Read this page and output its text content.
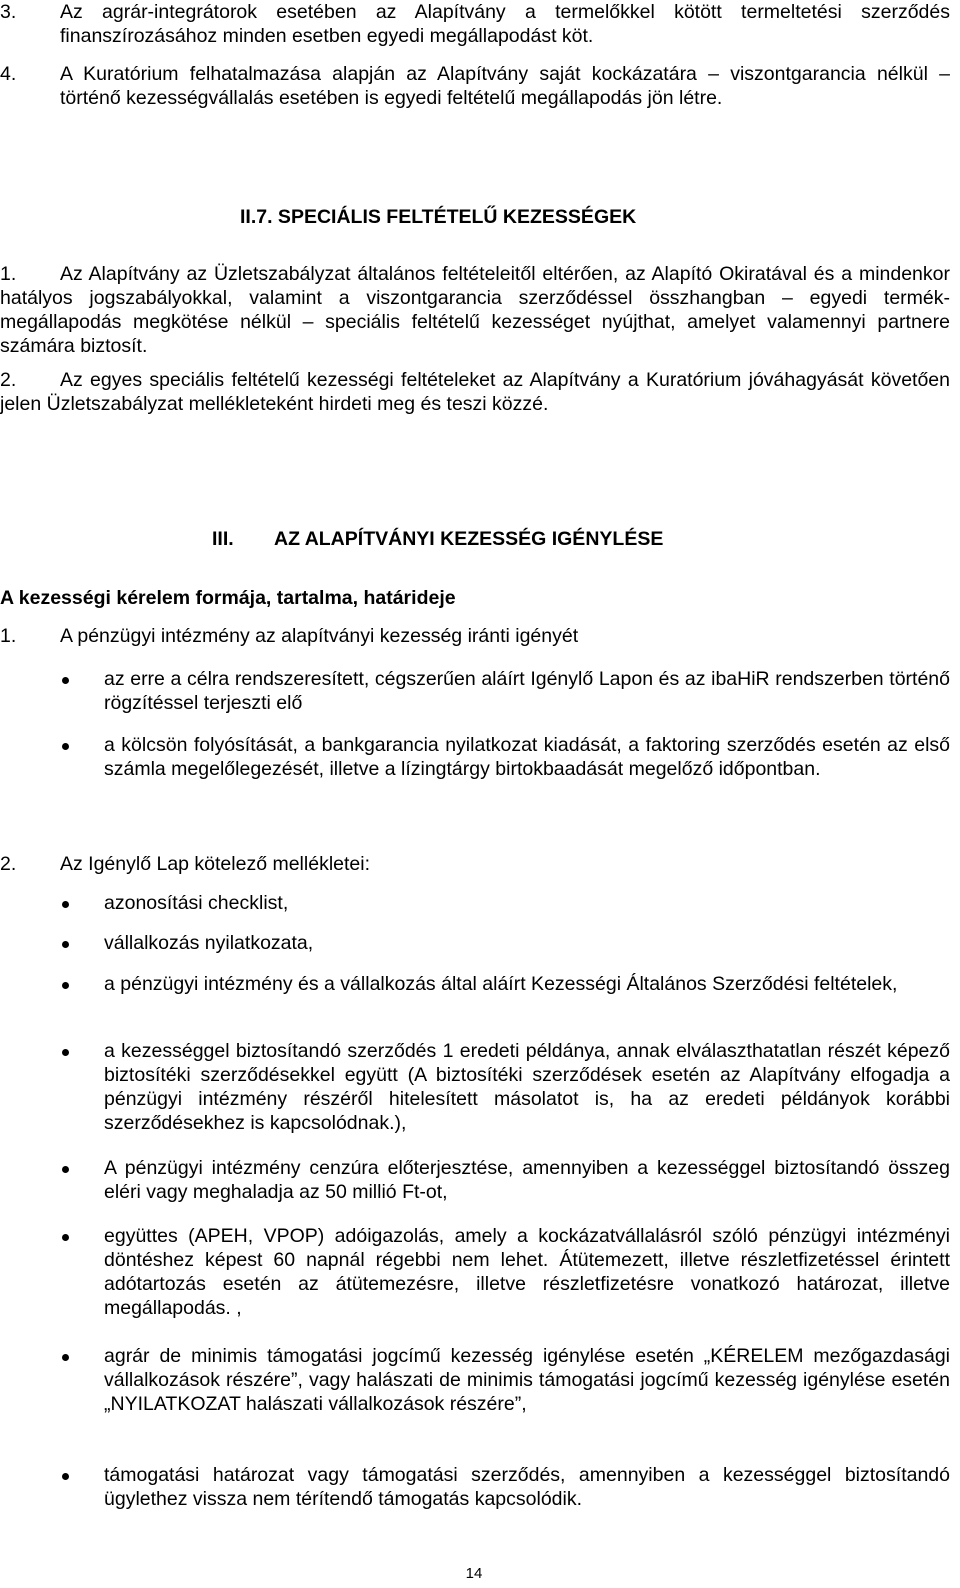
3. Az agrár-integrátorok esetében az Alapítvány a termelőkkel kötött termeltetési szerződés finanszírozásához minden esetben egyedi megállapodást köt.
4. A Kuratórium felhatalmazása alapján az Alapítvány saját kockázatára – viszontgarancia nélkül – történő kezességvállalás esetében is egyedi feltételű megállapodás jön létre.
II.7. SPECIÁLIS FELTÉTELŰ KEZESSÉGEK
1.	Az Alapítvány az Üzletszabályzat általános feltételeitől eltérően, az Alapító Okiratával és a mindenkor hatályos jogszabályokkal, valamint a viszontgarancia szerződéssel összhangban – egyedi termék-megállapodás megkötése nélkül – speciális feltételű kezességet nyújthat, amelyet valamennyi partnere számára biztosít.
2.	Az egyes speciális feltételű kezességi feltételeket az Alapítvány a Kuratórium jóváhagyását követően jelen Üzletszabályzat mellékleteként hirdeti meg és teszi közzé.
III. AZ ALAPÍTVÁNYI KEZESSÉG IGÉNYLÉSE
A kezességi kérelem formája, tartalma, határideje
1. A pénzügyi intézmény az alapítványi kezesség iránti igényét
az erre a célra rendszeresített, cégszerűen aláírt Igénylő Lapon és az ibaHiR rendszerben történő rögzítéssel terjeszti elő
a kölcsön folyósítását, a bankgarancia nyilatkozat kiadását, a faktoring szerződés esetén az első számla megelőlegezését, illetve a lízingtárgy birtokbaadását megelőző időpontban.
2. Az Igénylő Lap kötelező mellékletei:
azonosítási checklist,
vállalkozás nyilatkozata,
a pénzügyi intézmény és a vállalkozás által aláírt Kezességi Általános Szerződési feltételek,
a kezességgel biztosítandó szerződés 1 eredeti példánya, annak elválaszthatatlan részét képező biztosítéki szerződésekkel együtt (A biztosítéki szerződések esetén az Alapítvány elfogadja a pénzügyi intézmény részéről hitelesített másolatot is, ha az eredeti példányok korábbi szerződésekhez is kapcsolódnak.),
A pénzügyi intézmény cenzúra előterjesztése, amennyiben a kezességgel biztosítandó összeg eléri vagy meghaladja az 50 millió Ft-ot,
együttes (APEH, VPOP) adóigazolás, amely a kockázatvállalásról szóló pénzügyi intézményi döntéshez képest 60 napnál régebbi nem lehet. Átütemezett, illetve részletfizetéssel érintett adótartozás esetén az átütemezésre, illetve részletfizetésre vonatkozó határozat, illetve megállapodás. ,
agrár de minimis támogatási jogcímű kezesség igénylése esetén „KÉRELEM mezőgazdasági vállalkozások részére”, vagy halászati de minimis támogatási jogcímű kezesség igénylése esetén „NYILATKOZAT halászati vállalkozások részére”,
támogatási határozat vagy támogatási szerződés, amennyiben a kezességgel biztosítandó ügylethez vissza nem térítendő támogatás kapcsolódik.
14
